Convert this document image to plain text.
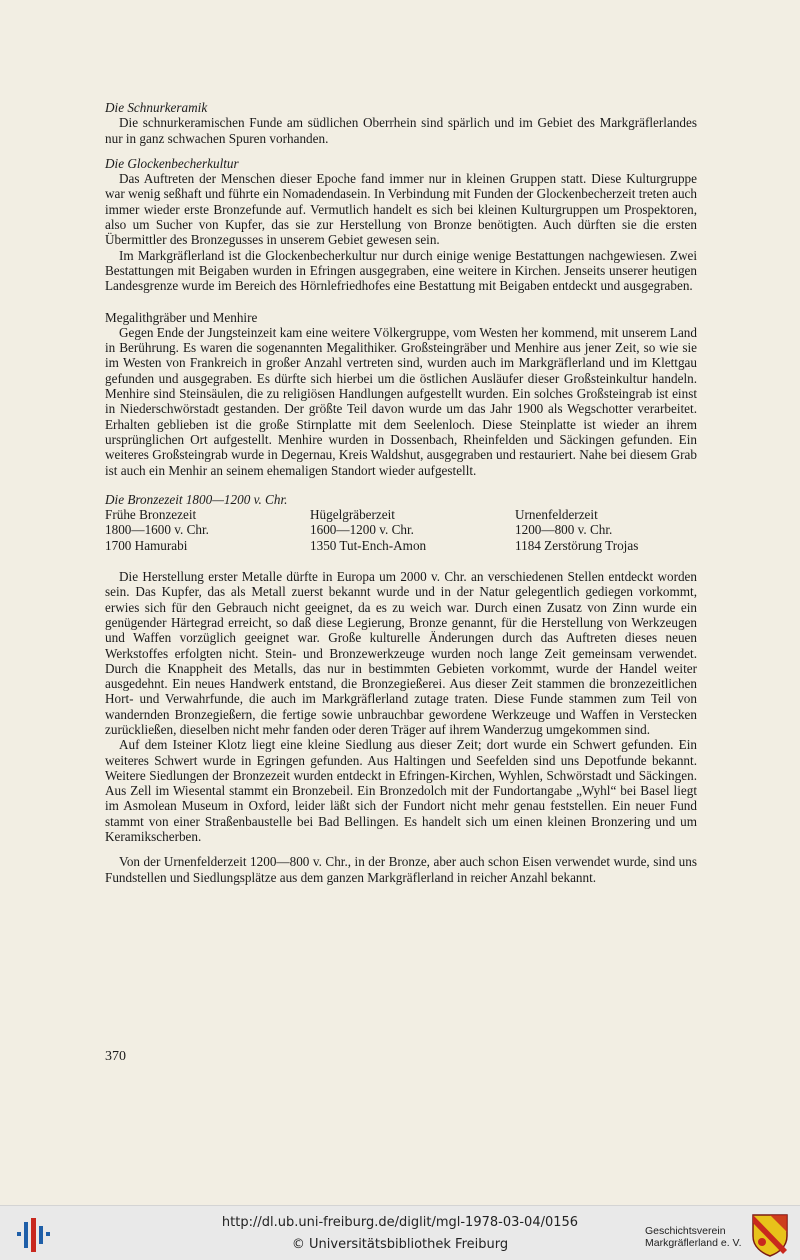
Die Schnurkeramik

Die schnurkeramischen Funde am südlichen Oberrhein sind spärlich und im Gebiet des Markgräflerlandes nur in ganz schwachen Spuren vorhanden.

Die Glockenbecherkultur

Das Auftreten der Menschen dieser Epoche fand immer nur in kleinen Gruppen statt. Diese Kulturgruppe war wenig seßhaft und führte ein Nomadendasein. In Verbindung mit Funden der Glockenbecherzeit treten auch immer wieder erste Bronzefunde auf. Vermutlich handelt es sich bei kleinen Kulturgruppen um Prospektoren, also um Sucher von Kupfer, das sie zur Herstellung von Bronze benötigten. Auch dürften sie die ersten Übermittler des Bronzegusses in unserem Gebiet gewesen sein.

Im Markgräflerland ist die Glockenbecherkultur nur durch einige wenige Bestattungen nachgewiesen. Zwei Bestattungen mit Beigaben wurden in Efringen ausgegraben, eine weitere in Kirchen. Jenseits unserer heutigen Landesgrenze wurde im Bereich des Hörnlefriedhofes eine Bestattung mit Beigaben entdeckt und ausgegraben.

Megalithgräber und Menhire

Gegen Ende der Jungsteinzeit kam eine weitere Völkergruppe, vom Westen her kommend, mit unserem Land in Berührung. Es waren die sogenannten Megalithiker. Großsteingräber und Menhire aus jener Zeit, so wie sie im Westen von Frankreich in großer Anzahl vertreten sind, wurden auch im Markgräflerland und im Klettgau gefunden und ausgegraben. Es dürfte sich hierbei um die östlichen Ausläufer dieser Großsteinkultur handeln. Menhire sind Steinsäulen, die zu religiösen Handlungen aufgestellt wurden. Ein solches Großsteingrab ist einst in Niederschwörstadt gestanden. Der größte Teil davon wurde um das Jahr 1900 als Wegschotter verarbeitet. Erhalten geblieben ist die große Stirnplatte mit dem Seelenloch. Diese Steinplatte ist wieder an ihrem ursprünglichen Ort aufgestellt. Menhire wurden in Dossenbach, Rheinfelden und Säckingen gefunden. Ein weiteres Großsteingrab wurde in Degernau, Kreis Waldshut, ausgegraben und restauriert. Nahe bei diesem Grab ist auch ein Menhir an seinem ehemaligen Standort wieder aufgestellt.

Die Bronzezeit 1800—1200 v. Chr.
Frühe Bronzezeit	Hügelgräberzeit	Urnenfelderzeit
1800—1600 v. Chr.	1600—1200 v. Chr.	1200—800 v. Chr.
1700 Hamurabi	1350 Tut-Ench-Amon	1184 Zerstörung Trojas

Die Herstellung erster Metalle dürfte in Europa um 2000 v. Chr. an verschiedenen Stellen entdeckt worden sein. Das Kupfer, das als Metall zuerst bekannt wurde und in der Natur gelegentlich gediegen vorkommt, erwies sich für den Gebrauch nicht geeignet, da es zu weich war. Durch einen Zusatz von Zinn wurde ein genügender Härtegrad erreicht, so daß diese Legierung, Bronze genannt, für die Herstellung von Werkzeugen und Waffen vorzüglich geeignet war. Große kulturelle Änderungen durch das Auftreten dieses neuen Werkstoffes erfolgten nicht. Stein- und Bronzewerkzeuge wurden noch lange Zeit gemeinsam verwendet. Durch die Knappheit des Metalls, das nur in bestimmten Gebieten vorkommt, wurde der Handel weiter ausgedehnt. Ein neues Handwerk entstand, die Bronzegießerei. Aus dieser Zeit stammen die bronzezeitlichen Hort- und Verwahrfunde, die auch im Markgräflerland zutage traten. Diese Funde stammen zum Teil von wandernden Bronzegießern, die fertige sowie unbrauchbar gewordene Werkzeuge und Waffen in Verstecken zurückließen, dieselben nicht mehr fanden oder deren Träger auf ihrem Wanderzug umgekommen sind.

Auf dem Isteiner Klotz liegt eine kleine Siedlung aus dieser Zeit; dort wurde ein Schwert gefunden. Ein weiteres Schwert wurde in Egringen gefunden. Aus Haltingen und Seefelden sind uns Depotfunde bekannt. Weitere Siedlungen der Bronzezeit wurden entdeckt in Efringen-Kirchen, Wyhlen, Schwörstadt und Säckingen. Aus Zell im Wiesental stammt ein Bronzebeil. Ein Bronzedolch mit der Fundortangabe „Wyhl“ bei Basel liegt im Asmolean Museum in Oxford, leider läßt sich der Fundort nicht mehr genau feststellen. Ein neuer Fund stammt von einer Straßenbaustelle bei Bad Bellingen. Es handelt sich um einen kleinen Bronzering und um Keramikscherben.

Von der Urnenfelderzeit 1200—800 v. Chr., in der Bronze, aber auch schon Eisen verwendet wurde, sind uns Fundstellen und Siedlungsplätze aus dem ganzen Markgräflerland in reicher Anzahl bekannt.

370
http://dl.ub.uni-freiburg.de/diglit/mgl-1978-03-04/0156
© Universitätsbibliothek Freiburg
Geschichtsverein
Markgräflerland e. V.
